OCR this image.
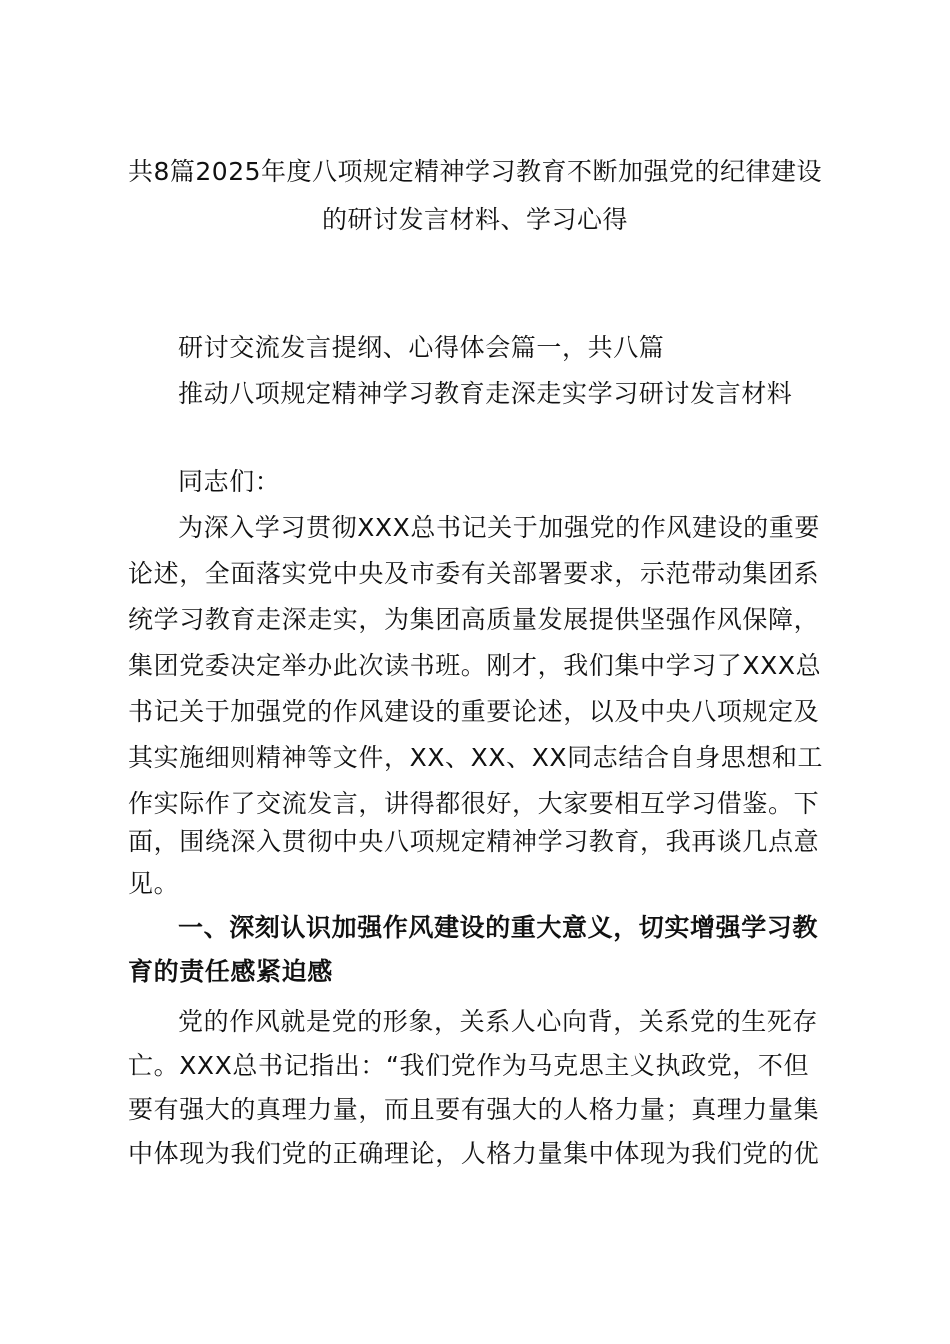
共8篇2025年度八项规定精神学习教育不断加强党的纪律建设
的研讨发言材料、学习心得
研讨交流发言提纲、心得体会篇一，共八篇
推动八项规定精神学习教育走深走实学习研讨发言材料
同志们：
为深入学习贯彻XXX总书记关于加强党的作风建设的重要
论述，全面落实党中央及市委有关部署要求，示范带动集团系
统学习教育走深走实，为集团高质量发展提供坚强作风保障，
集团党委决定举办此次读书班。刚才，我们集中学习了XXX总
书记关于加强党的作风建设的重要论述，以及中央八项规定及
其实施细则精神等文件，XX、XX、XX同志结合自身思想和工
作实际作了交流发言，讲得都很好，大家要相互学习借鉴。下
面，围绕深入贯彻中央八项规定精神学习教育，我再谈几点意
见。
一、深刻认识加强作风建设的重大意义，切实增强学习教
育的责任感紧迫感
党的作风就是党的形象，关系人心向背，关系党的生死存
亡。XXX总书记指出：“我们党作为马克思主义执政党，不但
要有强大的真理力量，而且要有强大的人格力量；真理力量集
中体现为我们党的正确理论，人格力量集中体现为我们党的优
